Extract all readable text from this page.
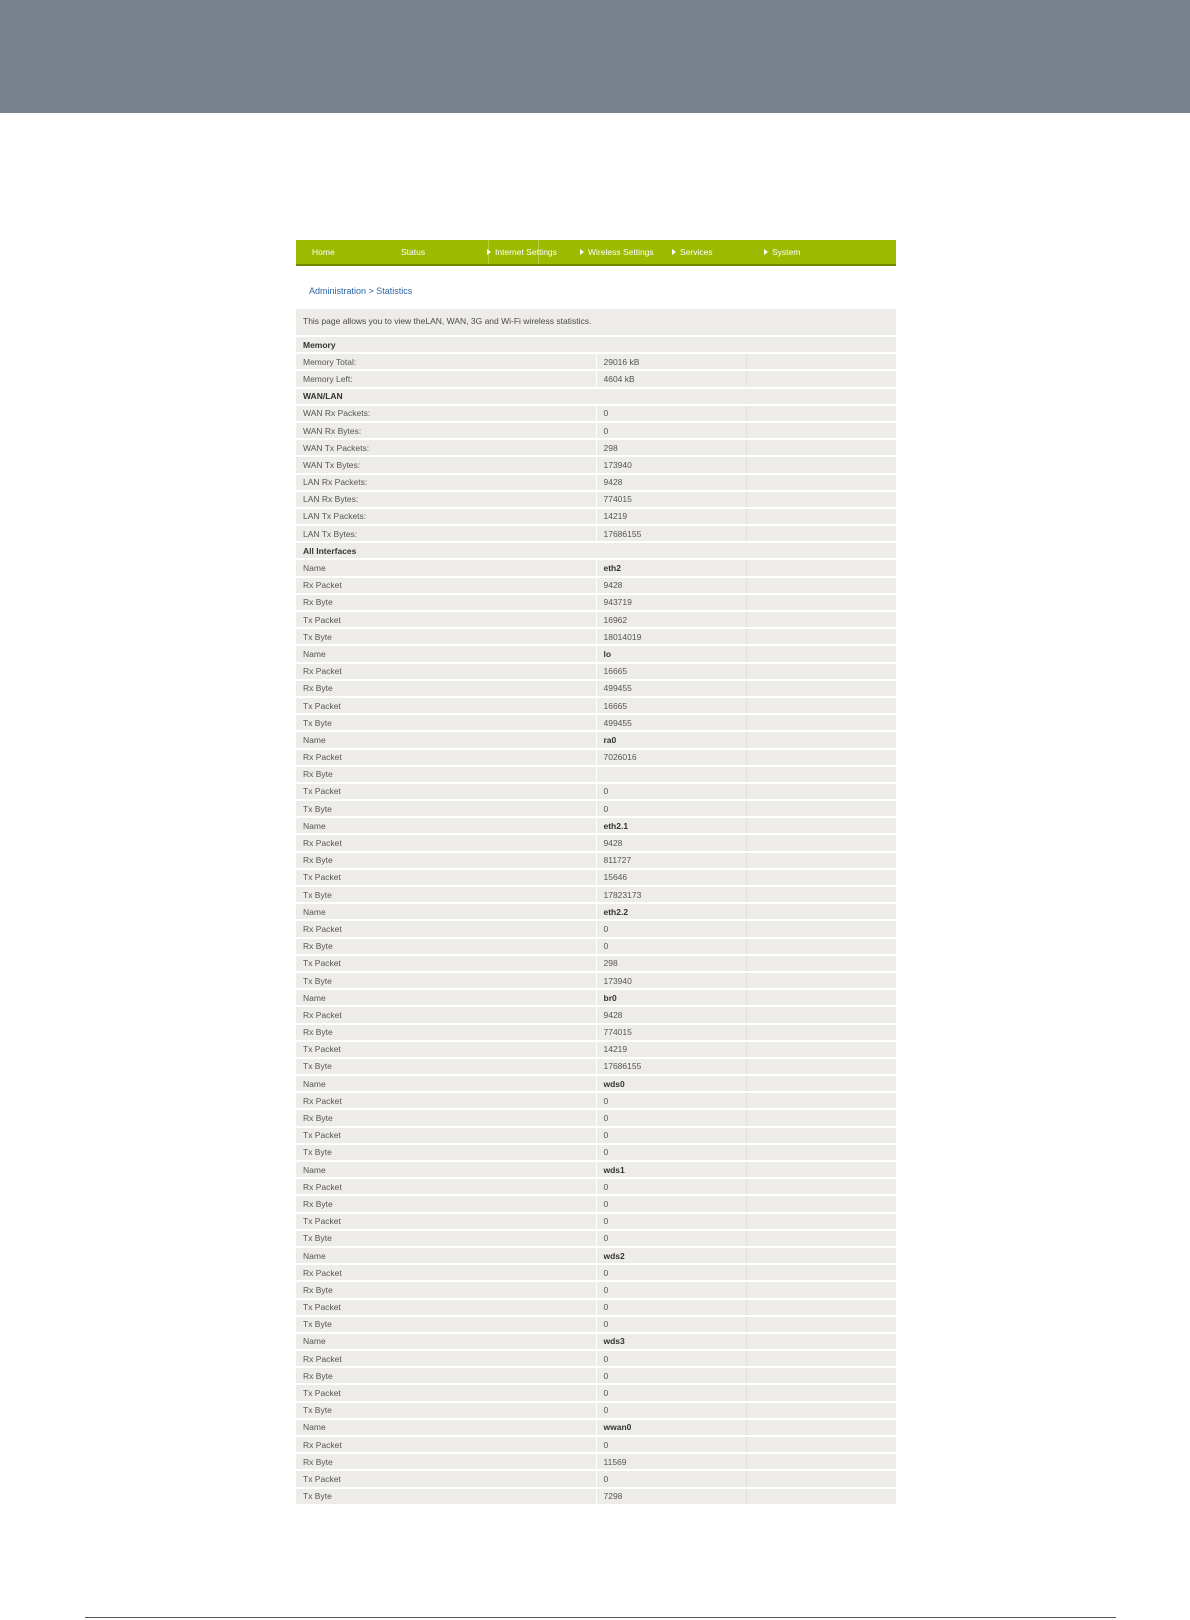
Home	Status	Internet Settings	Wireless Settings	Services	System
Administration > Statistics
This page allows you to view theLAN, WAN, 3G and Wi-Fi wireless statistics.
Memory			
Memory Total:		29016 kB	
Memory Left:		4604 kB	
WAN/LAN			
WAN Rx Packets:		0	
WAN Rx Bytes:		0	
WAN Tx Packets:		298	
WAN Tx Bytes:		173940	
LAN Rx Packets:		9428	
LAN Rx Bytes:		774015	
LAN Tx Packets:		14219	
LAN Tx Bytes:		17686155	
All Interfaces			
Name		eth2	
Rx Packet		9428	
Rx Byte		943719	
Tx Packet		16962	
Tx Byte		18014019	
Name		lo	
Rx Packet		16665	
Rx Byte		499455	
Tx Packet		16665	
Tx Byte		499455	
Name		ra0	
Rx Packet		7026016	
Rx Byte			
Tx Packet		0	
Tx Byte		0	
Name		eth2.1	
Rx Packet		9428	
Rx Byte		811727	
Tx Packet		15646	
Tx Byte		17823173	
Name		eth2.2	
Rx Packet		0	
Rx Byte		0	
Tx Packet		298	
Tx Byte		173940	
Name		br0	
Rx Packet		9428	
Rx Byte		774015	
Tx Packet		14219	
Tx Byte		17686155	
Name		wds0	
Rx Packet		0	
Rx Byte		0	
Tx Packet		0	
Tx Byte		0	
Name		wds1	
Rx Packet		0	
Rx Byte		0	
Tx Packet		0	
Tx Byte		0	
Name		wds2	
Rx Packet		0	
Rx Byte		0	
Tx Packet		0	
Tx Byte		0	
Name		wds3	
Rx Packet		0	
Rx Byte		0	
Tx Packet		0	
Tx Byte		0	
Name		wwan0	
Rx Packet		0	
Rx Byte		11569	
Tx Packet		0	
Tx Byte		7298	
